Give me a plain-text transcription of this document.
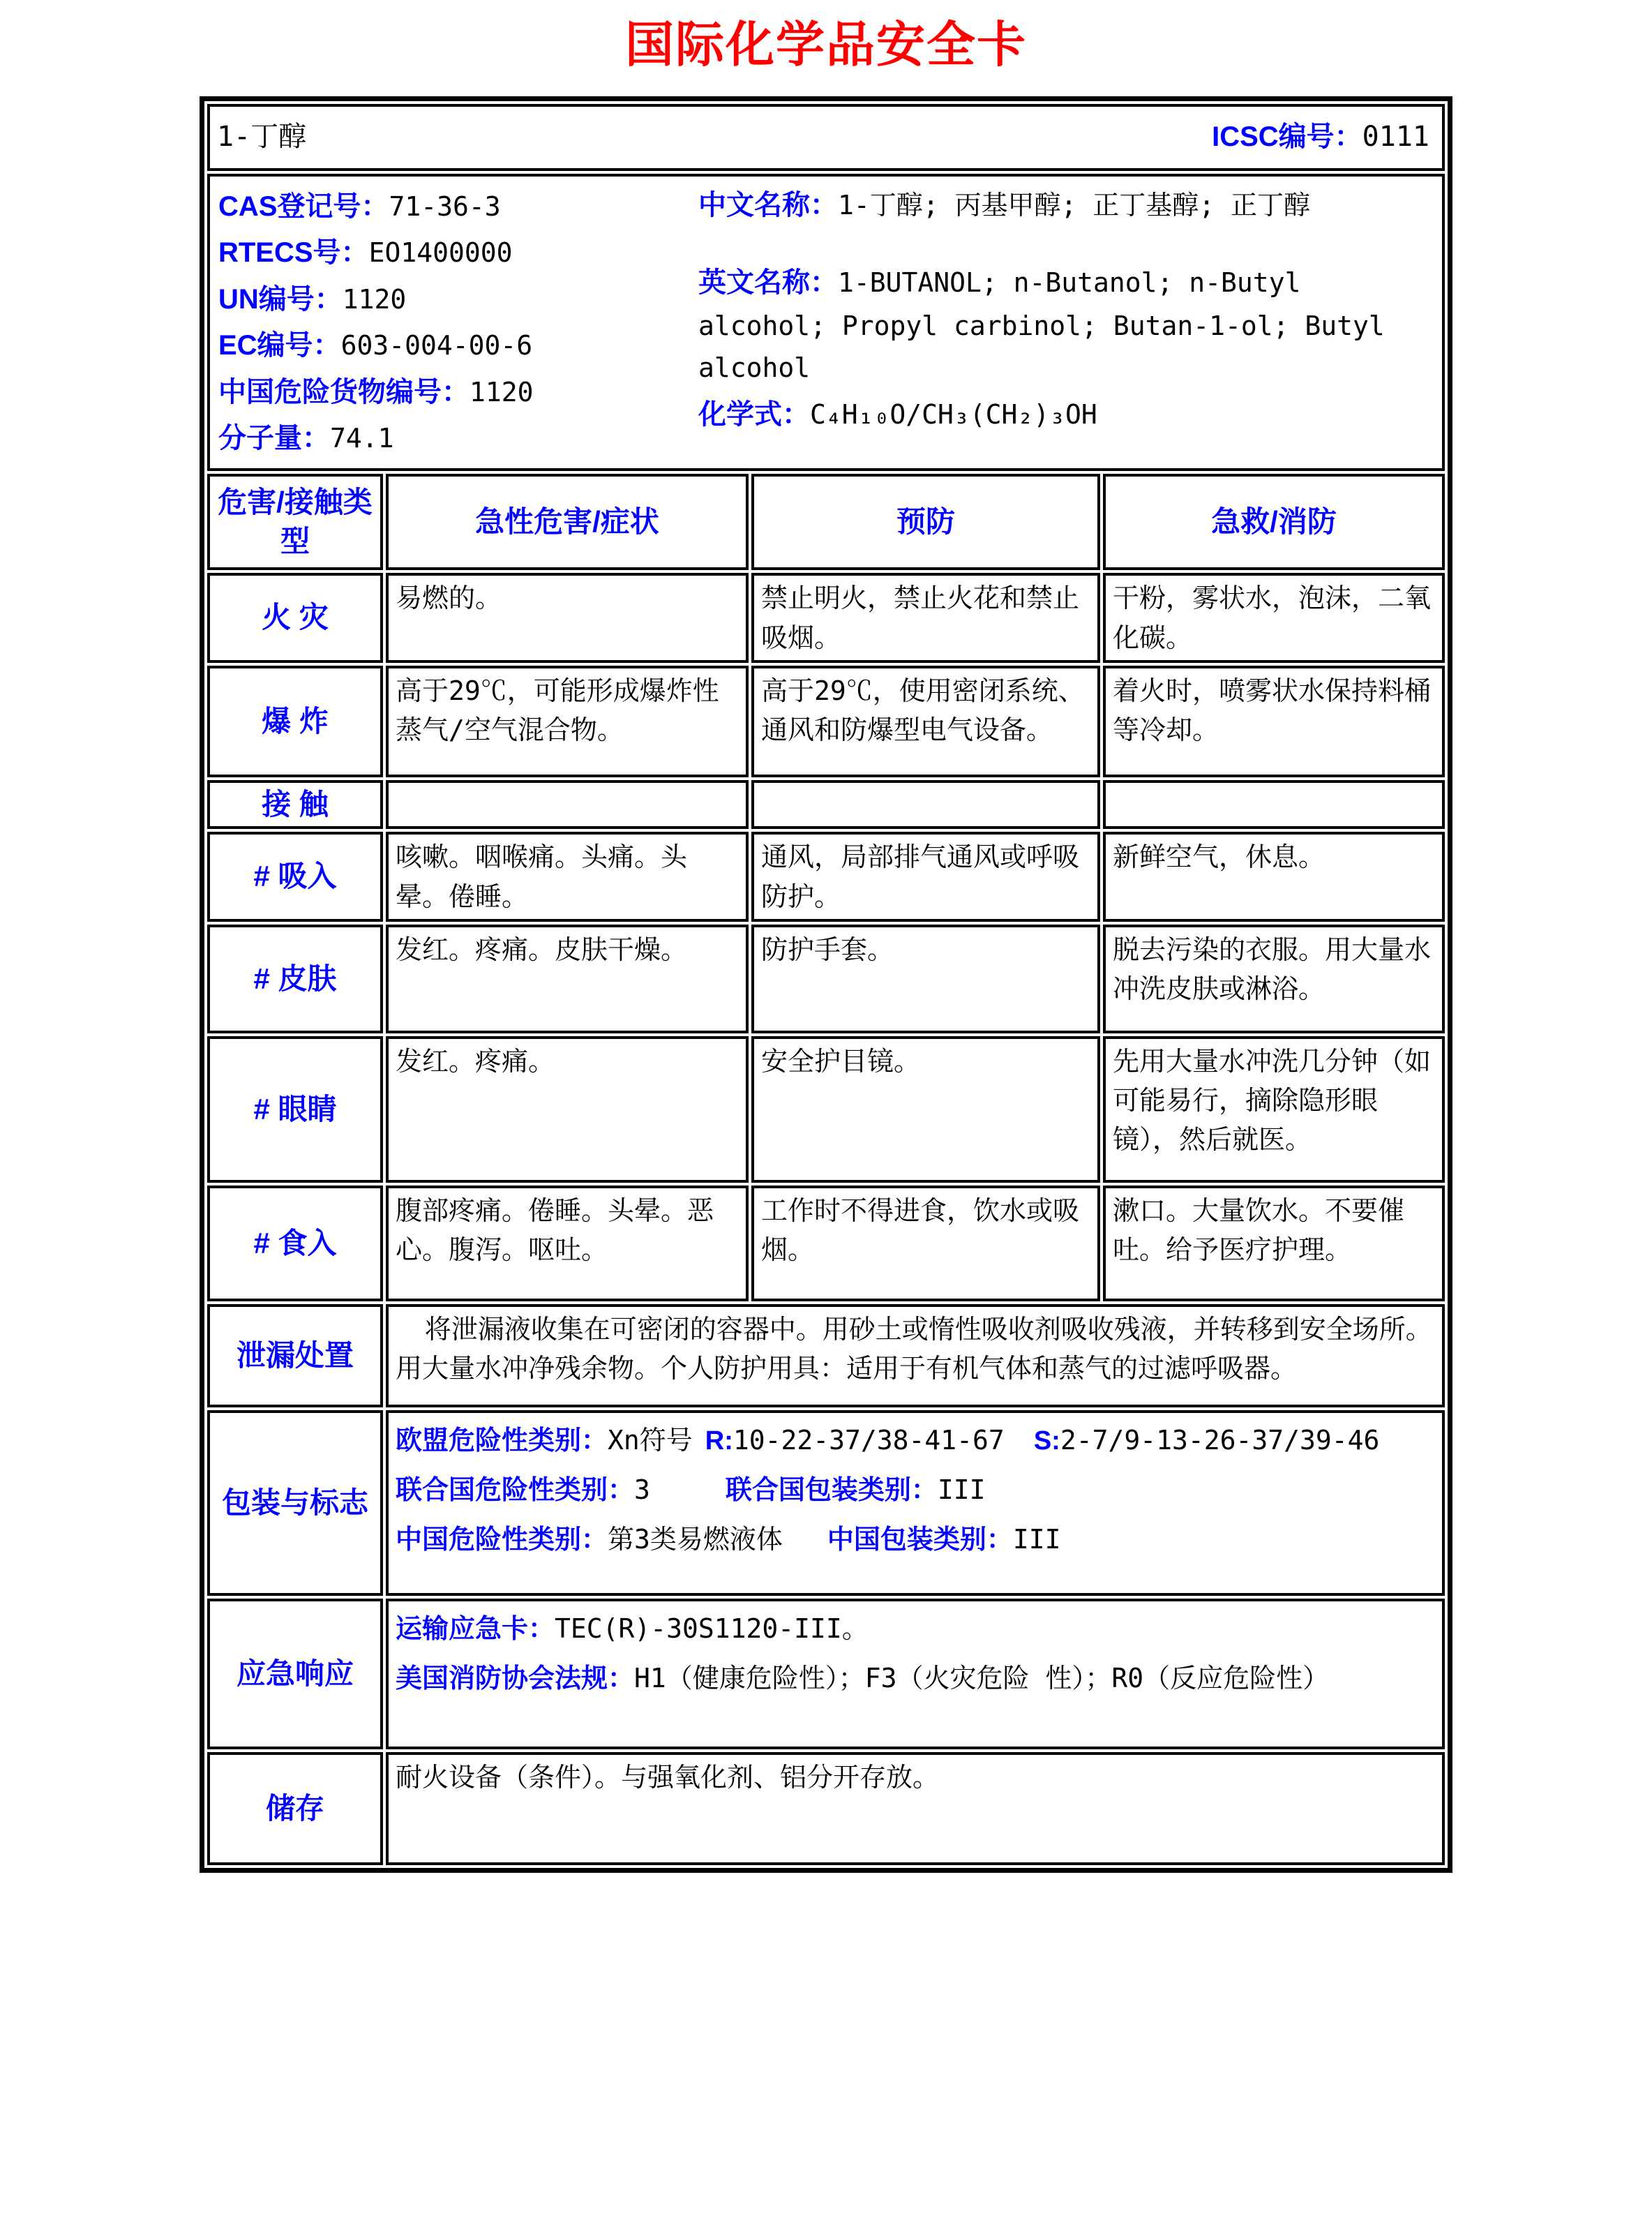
国际化学品安全卡
1-丁醇 ICSC编号：0111			

CAS登记号：71-36-3
RTECS号：EO1400000
UN编号：1120
EC编号：603-004-00-6
中国危险货物编号：1120
分子量：74.1
中文名称：1-丁醇; 丙基甲醇; 正丁基醇; 正丁醇
英文名称：1-BUTANOL; n-Butanol; n-Butyl alcohol; Propyl carbinol; Butan-1-ol; Butyl alcohol
化学式：C₄H₁₀O/CH₃(CH₂)₃OH

危害/接触类型	急性危害/症状	预防	急救/消防
火 灾	易燃的。	禁止明火，禁止火花和禁止吸烟。	干粉，雾状水，泡沫，二氧化碳。
爆 炸	高于29℃，可能形成爆炸性蒸气/空气混合物。	高于29℃，使用密闭系统、通风和防爆型电气设备。	着火时，喷雾状水保持料桶等冷却。
接 触			
# 吸入	咳嗽。咽喉痛。头痛。头晕。倦睡。	通风，局部排气通风或呼吸防护。	新鲜空气，休息。
# 皮肤	发红。疼痛。皮肤干燥。	防护手套。	脱去污染的衣服。用大量水冲洗皮肤或淋浴。
# 眼睛	发红。疼痛。	安全护目镜。	先用大量水冲洗几分钟（如可能易行，摘除隐形眼镜），然后就医。
# 食入	腹部疼痛。倦睡。头晕。恶心。腹泻。呕吐。	工作时不得进食，饮水或吸烟。	漱口。大量饮水。不要催吐。给予医疗护理。
泄漏处置	将泄漏液收集在可密闭的容器中。用砂土或惰性吸收剂吸收残液，并转移到安全场所。用大量水冲净残余物。个人防护用具：适用于有机气体和蒸气的过滤呼吸器。		
包装与标志	欧盟危险性类别：Xn符号 R:10-22-37/38-41-67 S:2-7/9-13-26-37/39-46
联合国危险性类别：3 联合国包装类别：III
中国危险性类别：第3类易燃液体 中国包装类别：III		

应急响应	运输应急卡：TEC(R)-30S1120-III。
美国消防协会法规：H1（健康危险性）；F3（火灾危险 性）；R0（反应危险性）		

储存	耐火设备（条件）。与强氧化剂、铝分开存放。		
